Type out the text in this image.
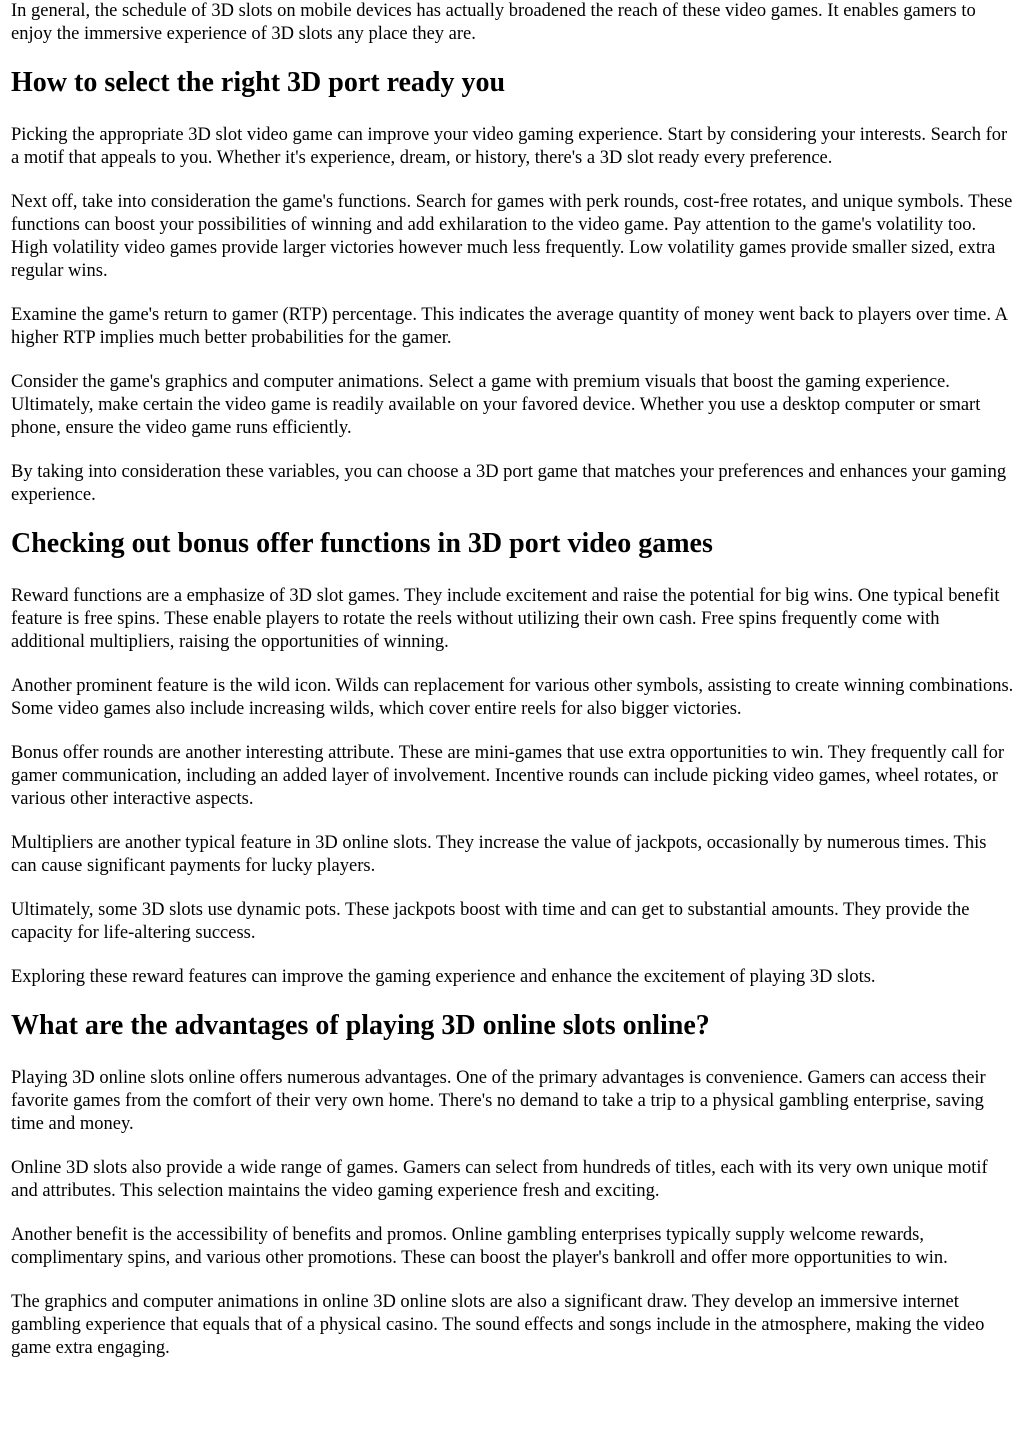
In general, the schedule of 3D slots on mobile devices has actually broadened the reach of these video games. It enables gamers to enjoy the immersive experience of 3D slots any place they are.

How to select the right 3D port ready you

Picking the appropriate 3D slot video game can improve your video gaming experience. Start by considering your interests. Search for a motif that appeals to you. Whether it's experience, dream, or history, there's a 3D slot ready every preference.

Next off, take into consideration the game's functions. Search for games with perk rounds, cost-free rotates, and unique symbols. These functions can boost your possibilities of winning and add exhilaration to the video game. Pay attention to the game's volatility too. High volatility video games provide larger victories however much less frequently. Low volatility games provide smaller sized, extra regular wins.

Examine the game's return to gamer (RTP) percentage. This indicates the average quantity of money went back to players over time. A higher RTP implies much better probabilities for the gamer.

Consider the game's graphics and computer animations. Select a game with premium visuals that boost the gaming experience. Ultimately, make certain the video game is readily available on your favored device. Whether you use a desktop computer or smart phone, ensure the video game runs efficiently.

By taking into consideration these variables, you can choose a 3D port game that matches your preferences and enhances your gaming experience.

Checking out bonus offer functions in 3D port video games

Reward functions are a emphasize of 3D slot games. They include excitement and raise the potential for big wins. One typical benefit feature is free spins. These enable players to rotate the reels without utilizing their own cash. Free spins frequently come with additional multipliers, raising the opportunities of winning.

Another prominent feature is the wild icon. Wilds can replacement for various other symbols, assisting to create winning combinations. Some video games also include increasing wilds, which cover entire reels for also bigger victories.

Bonus offer rounds are another interesting attribute. These are mini-games that use extra opportunities to win. They frequently call for gamer communication, including an added layer of involvement. Incentive rounds can include picking video games, wheel rotates, or various other interactive aspects.

Multipliers are another typical feature in 3D online slots. They increase the value of jackpots, occasionally by numerous times. This can cause significant payments for lucky players.

Ultimately, some 3D slots use dynamic pots. These jackpots boost with time and can get to substantial amounts. They provide the capacity for life-altering success.

Exploring these reward features can improve the gaming experience and enhance the excitement of playing 3D slots.

What are the advantages of playing 3D online slots online?

Playing 3D online slots online offers numerous advantages. One of the primary advantages is convenience. Gamers can access their favorite games from the comfort of their very own home. There's no demand to take a trip to a physical gambling enterprise, saving time and money.

Online 3D slots also provide a wide range of games. Gamers can select from hundreds of titles, each with its very own unique motif and attributes. This selection maintains the video gaming experience fresh and exciting.

Another benefit is the accessibility of benefits and promos. Online gambling enterprises typically supply welcome rewards, complimentary spins, and various other promotions. These can boost the player's bankroll and offer more opportunities to win.

The graphics and computer animations in online 3D online slots are also a significant draw. They develop an immersive internet gambling experience that equals that of a physical casino. The sound effects and songs include in the atmosphere, making the video game extra engaging.
